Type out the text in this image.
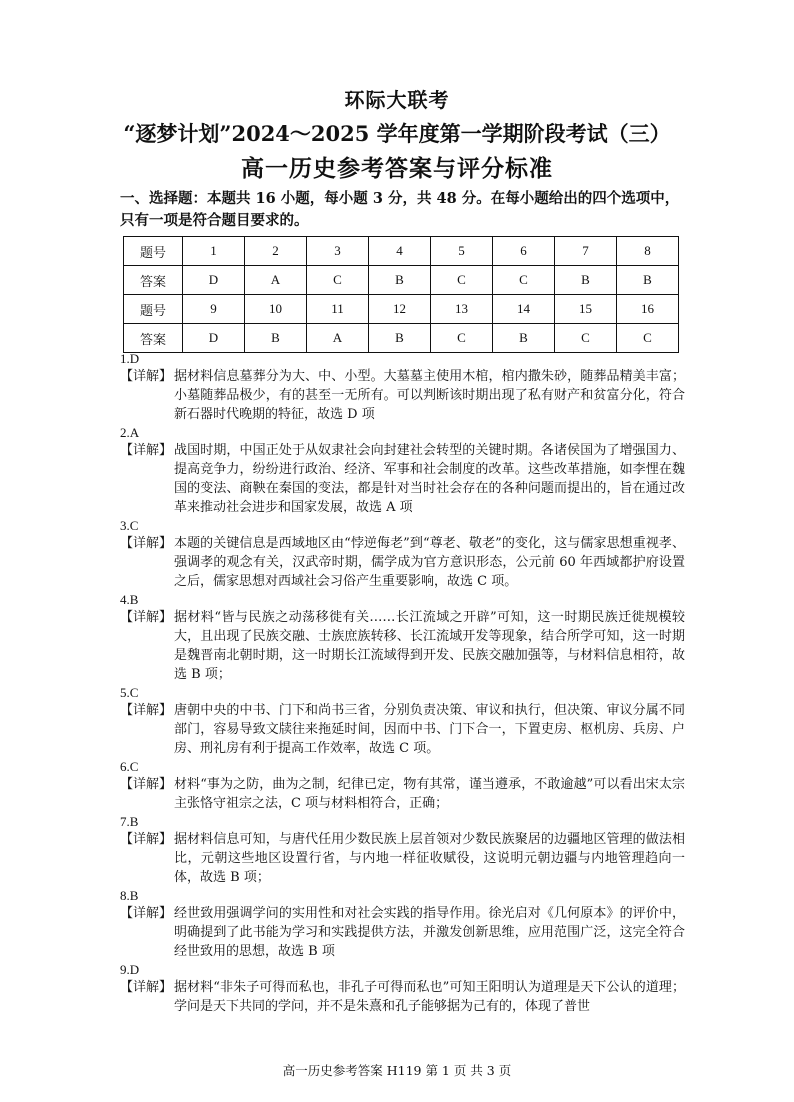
环际大联考
“逐梦计划”2024～2025 学年度第一学期阶段考试（三）
高一历史参考答案与评分标准
一、选择题：本题共 16 小题，每小题 3 分，共 48 分。在每小题给出的四个选项中，只有一项是符合题目要求的。
题号	1	2	3	4	5	6	7	8
答案	D	A	C	B	C	C	B	B
题号	9	10	11	12	13	14	15	16
答案	D	B	A	B	C	B	C	C
1.D
【详解】 据材料信息墓葬分为大、中、小型。大墓墓主使用木棺，棺内撒朱砂，随葬品精美丰富；小墓随葬品极少，有的甚至一无所有。可以判断该时期出现了私有财产和贫富分化，符合新石器时代晚期的特征，故选 D 项
2.A
【详解】 战国时期，中国正处于从奴隶社会向封建社会转型的关键时期。各诸侯国为了增强国力、提高竞争力，纷纷进行政治、经济、军事和社会制度的改革。这些改革措施，如李悝在魏国的变法、商鞅在秦国的变法，都是针对当时社会存在的各种问题而提出的，旨在通过改革来推动社会进步和国家发展，故选 A 项
3.C
【详解】 本题的关键信息是西域地区由“悖逆侮老”到“尊老、敬老”的变化，这与儒家思想重视孝、强调孝的观念有关，汉武帝时期，儒学成为官方意识形态，公元前 60 年西域都护府设置之后，儒家思想对西域社会习俗产生重要影响，故选 C 项。
4.B
【详解】 据材料“皆与民族之动荡移徙有关……长江流域之开辟”可知，这一时期民族迁徙规模较大，且出现了民族交融、士族庶族转移、长江流域开发等现象，结合所学可知，这一时期是魏晋南北朝时期，这一时期长江流域得到开发、民族交融加强等，与材料信息相符，故选 B 项；
5.C
【详解】 唐朝中央的中书、门下和尚书三省，分别负责决策、审议和执行，但决策、审议分属不同部门，容易导致文牍往来拖延时间，因而中书、门下合一，下置吏房、枢机房、兵房、户房、刑礼房有利于提高工作效率，故选 C 项。
6.C
【详解】 材料“事为之防，曲为之制，纪律已定，物有其常，谨当遵承，不敢逾越”可以看出宋太宗主张恪守祖宗之法，C 项与材料相符合，正确；
7.B
【详解】 据材料信息可知，与唐代任用少数民族上层首领对少数民族聚居的边疆地区管理的做法相比，元朝这些地区设置行省，与内地一样征收赋役，这说明元朝边疆与内地管理趋向一体，故选 B 项；
8.B
【详解】 经世致用强调学问的实用性和对社会实践的指导作用。徐光启对《几何原本》的评价中，明确提到了此书能为学习和实践提供方法，并激发创新思维，应用范围广泛，这完全符合经世致用的思想，故选 B 项
9.D
【详解】 据材料“非朱子可得而私也，非孔子可得而私也”可知王阳明认为道理是天下公认的道理；学问是天下共同的学问，并不是朱熹和孔子能够据为己有的，体现了普世
高一历史参考答案 H119 第 1 页 共 3 页
